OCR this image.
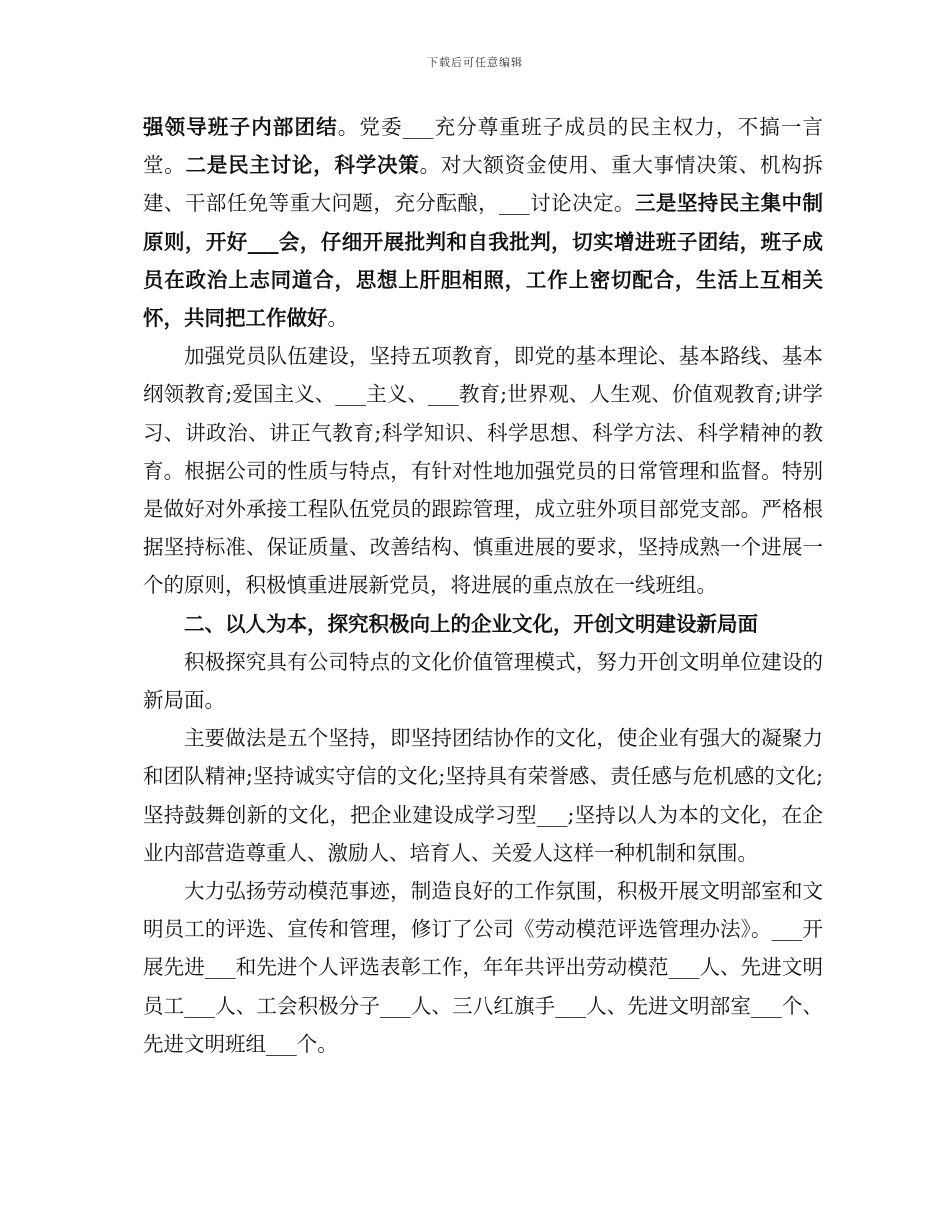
下载后可任意编辑

强领导班子内部团结。党委___充分尊重班子成员的民主权力，不搞一言堂。二是民主讨论，科学决策。对大额资金使用、重大事情决策、机构拆建、干部任免等重大问题，充分酝酿，___讨论决定。三是坚持民主集中制原则，开好___会，仔细开展批判和自我批判，切实增进班子团结，班子成员在政治上志同道合，思想上肝胆相照，工作上密切配合，生活上互相关怀，共同把工作做好。

加强党员队伍建设，坚持五项教育，即党的基本理论、基本路线、基本纲领教育;爱国主义、___主义、___教育;世界观、人生观、价值观教育;讲学习、讲政治、讲正气教育;科学知识、科学思想、科学方法、科学精神的教育。根据公司的性质与特点，有针对性地加强党员的日常管理和监督。特别是做好对外承接工程队伍党员的跟踪管理，成立驻外项目部党支部。严格根据坚持标准、保证质量、改善结构、慎重进展的要求，坚持成熟一个进展一个的原则，积极慎重进展新党员，将进展的重点放在一线班组。

二、以人为本，探究积极向上的企业文化，开创文明建设新局面

积极探究具有公司特点的文化价值管理模式，努力开创文明单位建设的新局面。

主要做法是五个坚持，即坚持团结协作的文化，使企业有强大的凝聚力和团队精神;坚持诚实守信的文化;坚持具有荣誉感、责任感与危机感的文化;坚持鼓舞创新的文化，把企业建设成学习型___;坚持以人为本的文化，在企业内部营造尊重人、激励人、培育人、关爱人这样一种机制和氛围。

大力弘扬劳动模范事迹，制造良好的工作氛围，积极开展文明部室和文明员工的评选、宣传和管理，修订了公司《劳动模范评选管理办法》。___开展先进___和先进个人评选表彰工作，年年共评出劳动模范___人、先进文明员工___人、工会积极分子___人、三八红旗手___人、先进文明部室___个、先进文明班组___个。
